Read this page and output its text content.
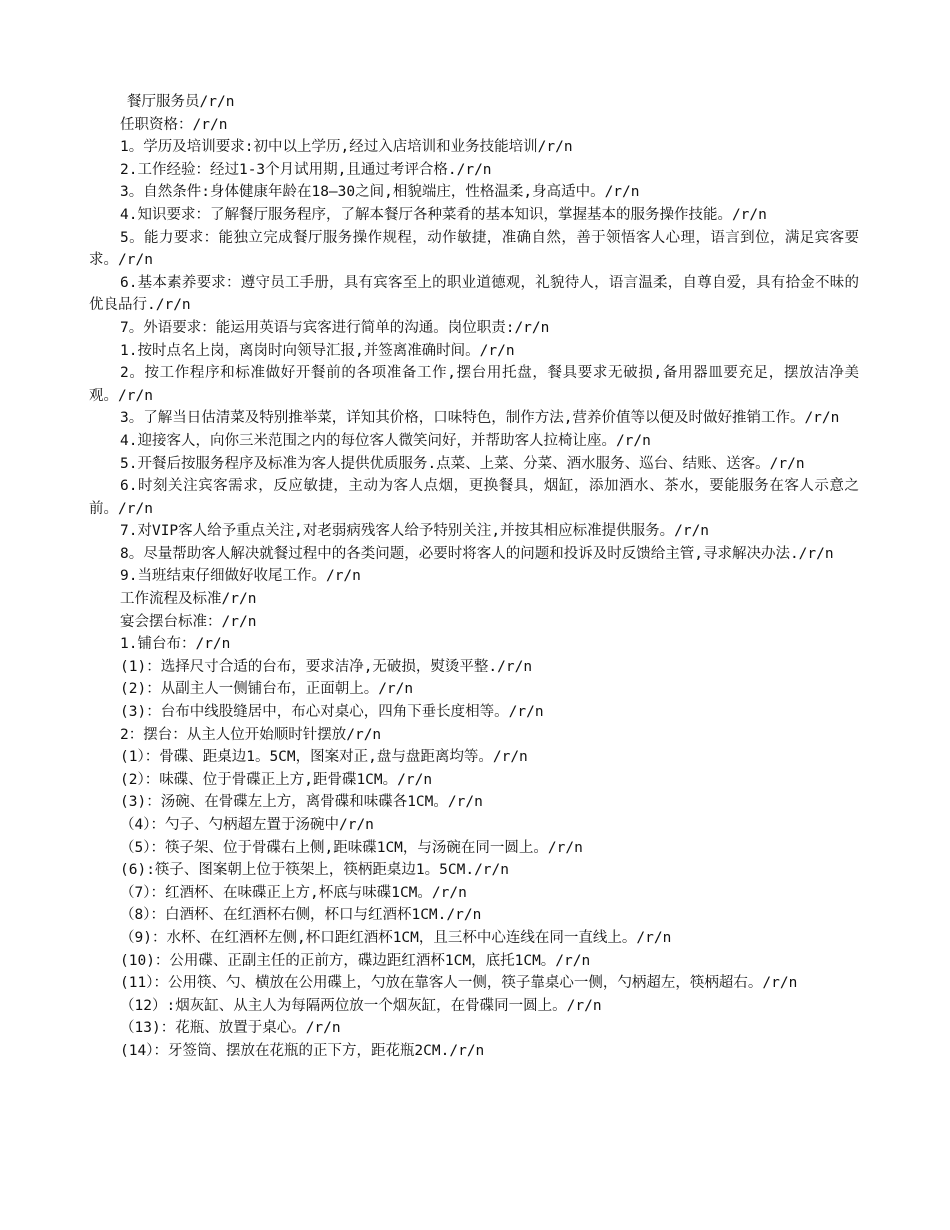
餐厅服务员/r/n

任职资格：/r/n

1。学历及培训要求:初中以上学历,经过入店培训和业务技能培训/r/n

2.工作经验：经过1-3个月试用期,且通过考评合格./r/n

3。自然条件:身体健康年龄在18—30之间,相貌端庄，性格温柔,身高适中。/r/n

4.知识要求：了解餐厅服务程序，了解本餐厅各种菜肴的基本知识，掌握基本的服务操作技能。/r/n

5。能力要求：能独立完成餐厅服务操作规程，动作敏捷，准确自然，善于领悟客人心理，语言到位，满足宾客要求。/r/n

6.基本素养要求：遵守员工手册，具有宾客至上的职业道德观，礼貌待人，语言温柔，自尊自爱，具有拾金不昧的优良品行./r/n

7。外语要求：能运用英语与宾客进行简单的沟通。岗位职责:/r/n

1.按时点名上岗，离岗时向领导汇报,并签离准确时间。/r/n

2。按工作程序和标准做好开餐前的各项准备工作,摆台用托盘，餐具要求无破损,备用器皿要充足，摆放洁净美观。/r/n

3。了解当日估清菜及特别推举菜，详知其价格，口味特色，制作方法,营养价值等以便及时做好推销工作。/r/n

4.迎接客人，向你三米范围之内的每位客人微笑问好，并帮助客人拉椅让座。/r/n

5.开餐后按服务程序及标准为客人提供优质服务.点菜、上菜、分菜、酒水服务、巡台、结账、送客。/r/n

6.时刻关注宾客需求，反应敏捷，主动为客人点烟，更换餐具，烟缸，添加酒水、茶水，要能服务在客人示意之前。/r/n

7.对VIP客人给予重点关注,对老弱病残客人给予特别关注,并按其相应标准提供服务。/r/n

8。尽量帮助客人解决就餐过程中的各类问题，必要时将客人的问题和投诉及时反馈给主管,寻求解决办法./r/n

9.当班结束仔细做好收尾工作。/r/n

工作流程及标准/r/n

宴会摆台标准：/r/n

1.铺台布：/r/n

(1)：选择尺寸合适的台布，要求洁净,无破损，熨烫平整./r/n

(2)：从副主人一侧铺台布，正面朝上。/r/n

(3)：台布中线股缝居中，布心对桌心，四角下垂长度相等。/r/n

2：摆台：从主人位开始顺时针摆放/r/n

(1）：骨碟、距桌边1。5CM，图案对正,盘与盘距离均等。/r/n

(2）：味碟、位于骨碟正上方,距骨碟1CM。/r/n

(3)：汤碗、在骨碟左上方，离骨碟和味碟各1CM。/r/n

（4）：勺子、勺柄超左置于汤碗中/r/n

（5）：筷子架、位于骨碟右上侧,距味碟1CM，与汤碗在同一圆上。/r/n

(6):筷子、图案朝上位于筷架上，筷柄距桌边1。5CM./r/n

（7）：红酒杯、在味碟正上方,杯底与味碟1CM。/r/n

（8）：白酒杯、在红酒杯右侧，杯口与红酒杯1CM./r/n

（9)：水杯、在红酒杯左侧,杯口距红酒杯1CM，且三杯中心连线在同一直线上。/r/n

(10)：公用碟、正副主任的正前方，碟边距红酒杯1CM，底托1CM。/r/n

(11）：公用筷、勺、横放在公用碟上，勺放在靠客人一侧，筷子靠桌心一侧，勺柄超左，筷柄超右。/r/n

（12）:烟灰缸、从主人为每隔两位放一个烟灰缸，在骨碟同一圆上。/r/n

（13)：花瓶、放置于桌心。/r/n

(14）：牙签筒、摆放在花瓶的正下方，距花瓶2CM./r/n
